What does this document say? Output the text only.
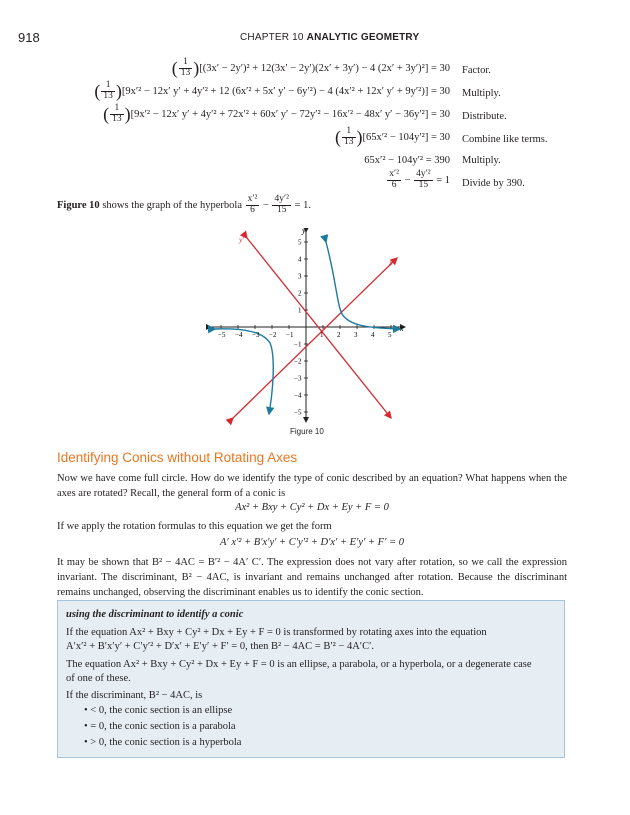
918	CHAPTER 10 ANALYTIC GEOMETRY
( $\frac{1}{13} )[(3x' - 2y')^2 + 12(3x' - 2y')(2x' + 3y') - 4$ (2x′ + 3y′)²] = 30 Factor.
( $\frac{1}{13} )[9x'^2 - 12x'$ y′ + 4y′² + 12 (6x′² + 5x′ y′ − 6y′²) − 4 (4x′² + 12x′ y′ + 9y′²)] = 30 Multiply.
( $\frac{1}{13} )[9x'^2 - 12x'$ y′ + 4y′² + 72x′² + 60x′ y′ − 72y′² − 16x′² − 48x′ y′ − 36y′²] = 30 Distribute.
( $\frac{1}{13} )[65x'^2 - 104y'^2] = 30$ Combine like terms.
65x′² − 104y′² = 390 Multiply.
$\frac{\text{x′²}}{6} - \frac{\text{4y′²}}{15} = 1$ Divide by 390.
Figure 10 shows the graph of the hyperbola $\frac{\text{x′²}}{6} - \frac{\text{4y′²}}{15} = 1$.
x
y
x′
y′
−5 −4 −3 −2 −1	1 2 3 4 5
5
4
3
2
1
−1
−2
−3
−4
−5
Figure 10
Identifying Conics without Rotating Axes
Now we have come full circle. How do we identify the type of conic described by an equation? What happens when the axes are rotated? Recall, the general form of a conic is
Ax² + Bxy + Cy² + Dx + Ey + F = 0
If we apply the rotation formulas to this equation we get the form
A′ x′² + B′x′y′ + C′y′² + D′x′ + E′y′ + F′ = 0
It may be shown that B² − 4AC = B′² − 4A′ C′. The expression does not vary after rotation, so we call the expression invariant. The discriminant, B² − 4AC, is invariant and remains unchanged after rotation. Because the discriminant remains unchanged, observing the discriminant enables us to identify the conic section.
using the discriminant to identify a conic
If the equation Ax² + Bxy + Cy² + Dx + Ey + F = 0 is transformed by rotating axes into the equation
A′x′² + B′x′y′ + C′y′² + D′x′ + E′y′ + F′ = 0, then B² − 4AC = B′² − 4A′C′.
The equation Ax² + Bxy + Cy² + Dx + Ey + F = 0 is an ellipse, a parabola, or a hyperbola, or a degenerate case
of one of these.
If the discriminant, B² − 4AC, is
• < 0, the conic section is an ellipse
• = 0, the conic section is a parabola
• > 0, the conic section is a hyperbola
